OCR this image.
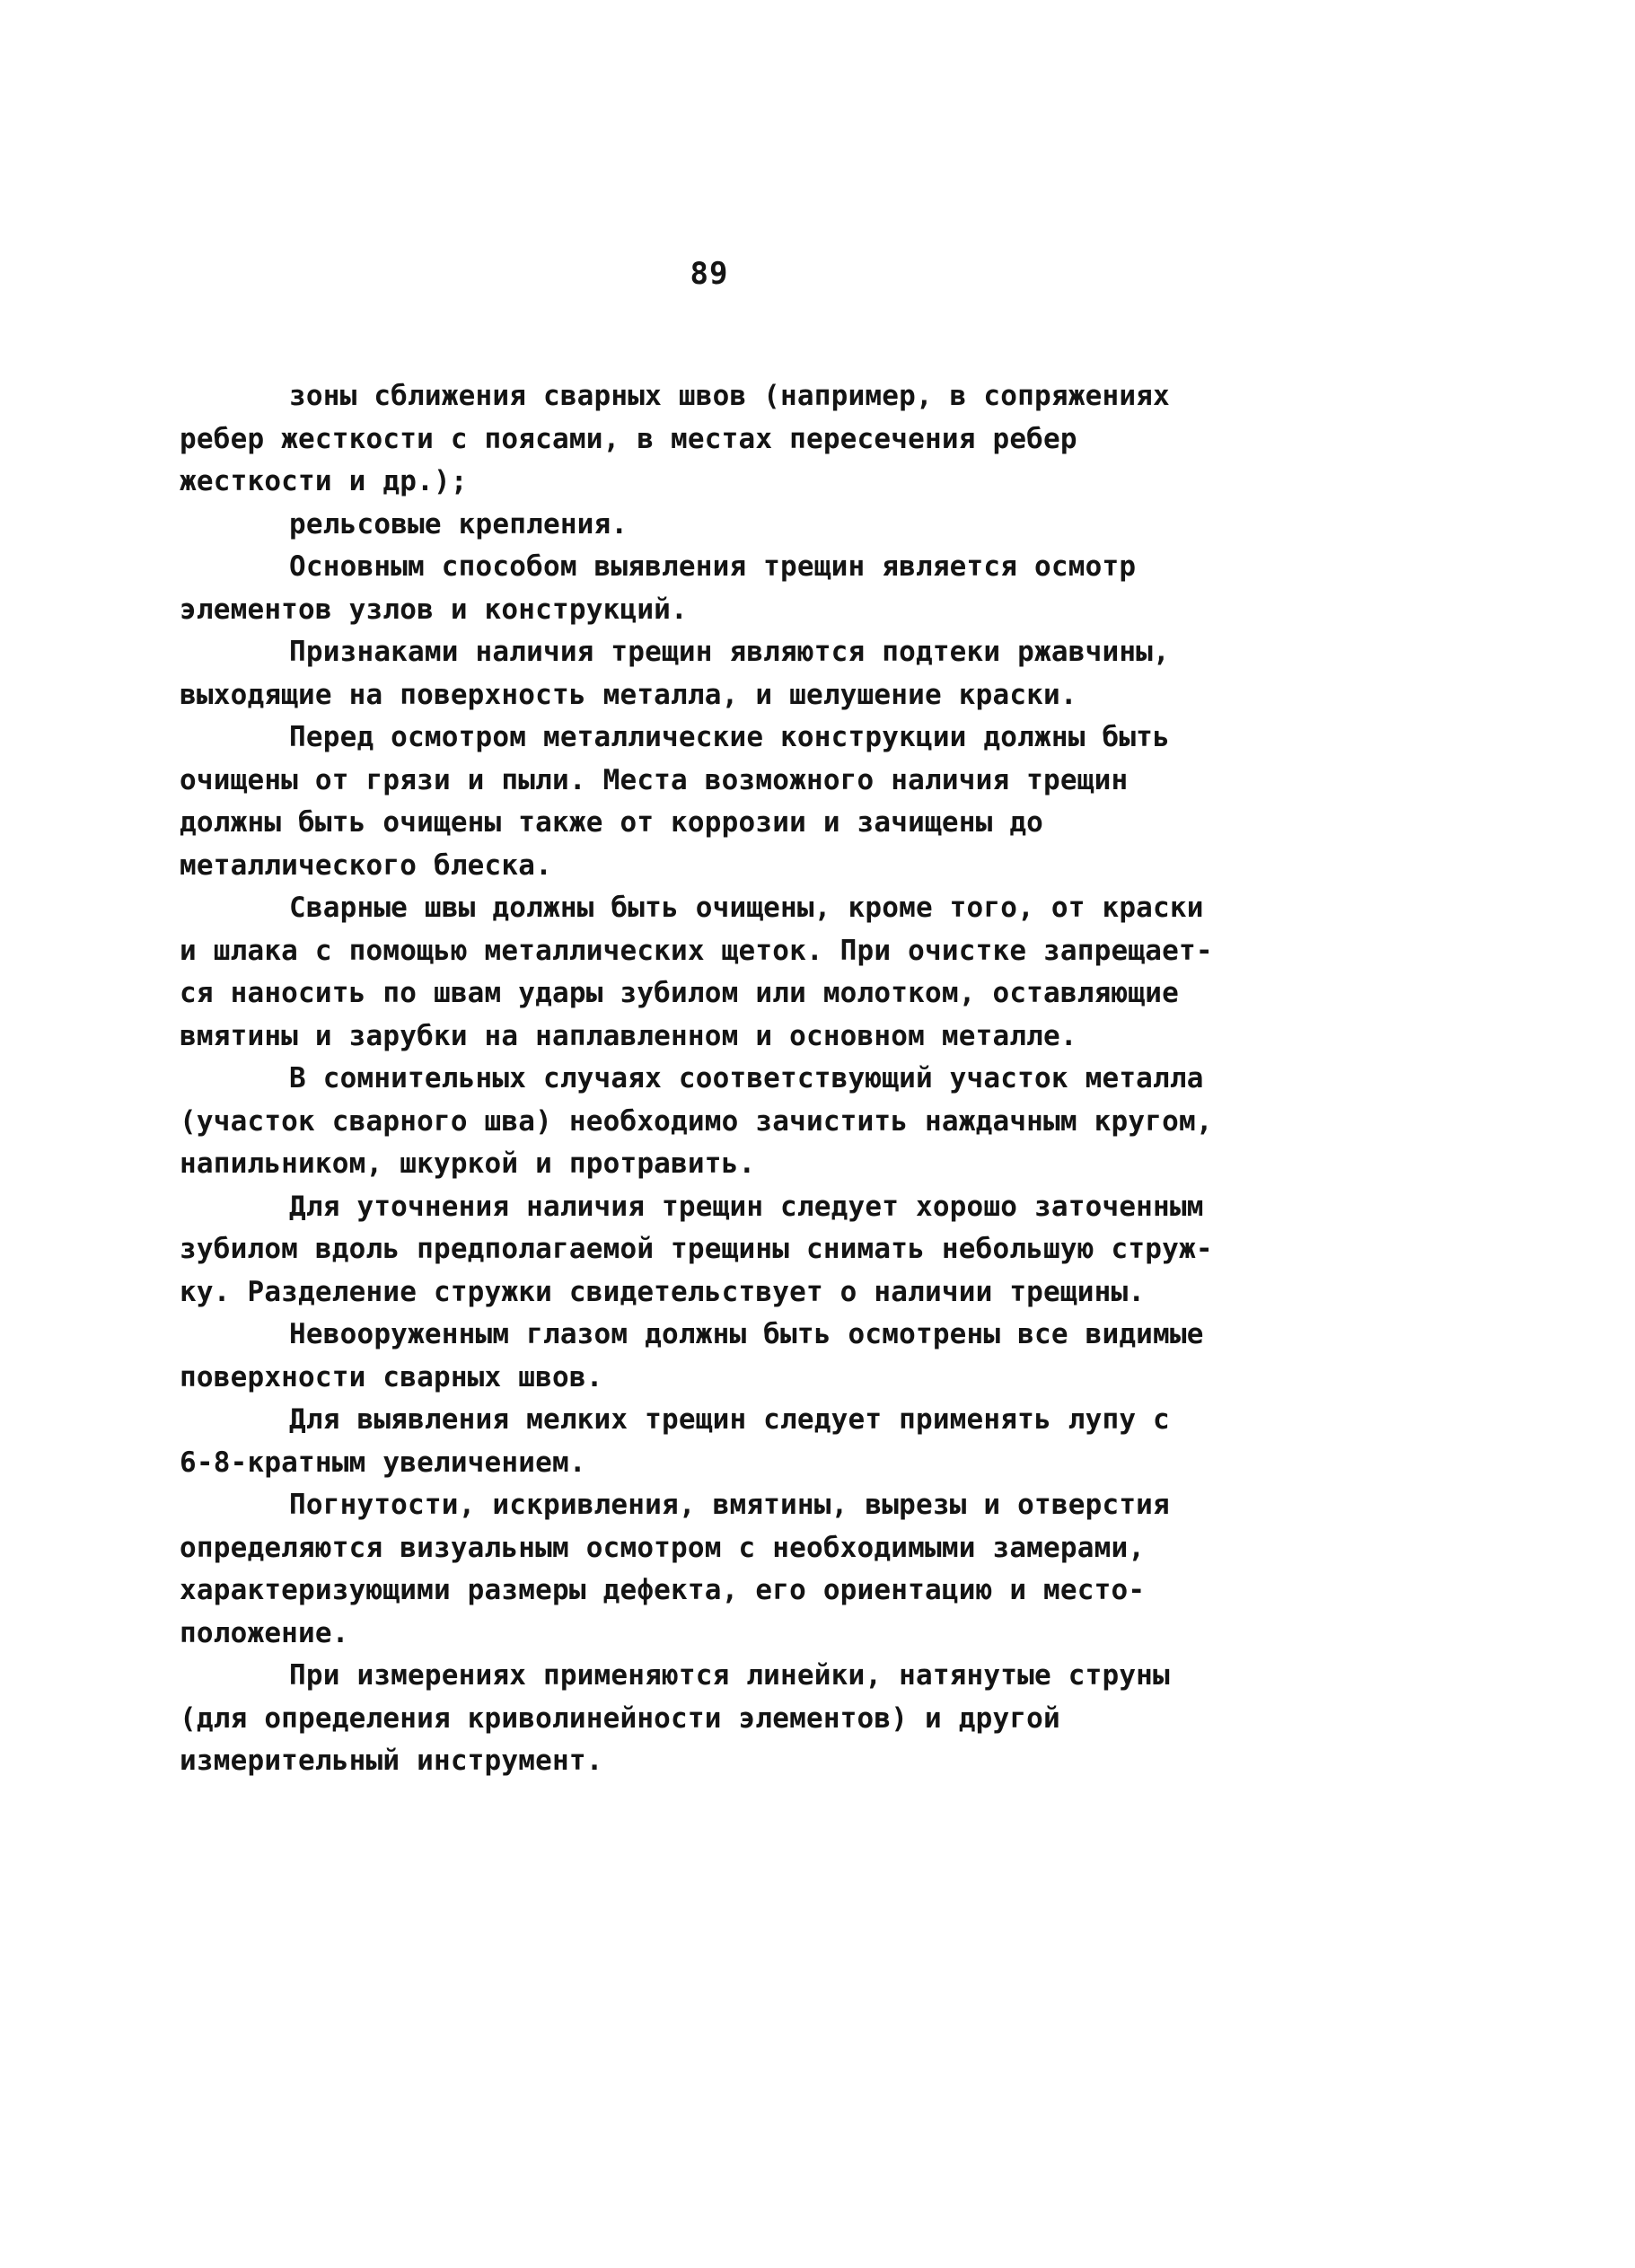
89
зоны сближения сварных швов (например, в сопряжениях
ребер жесткости с поясами, в местах пересечения ребер
жесткости и др.);
рельсовые крепления.
Основным способом выявления трещин является осмотр
элементов узлов и конструкций.
Признаками наличия трещин являются подтеки ржавчины,
выходящие на поверхность металла, и шелушение краски.
Перед осмотром металлические конструкции должны быть
очищены от грязи и пыли. Места возможного наличия трещин
должны быть очищены также от коррозии и зачищены до
металлического блеска.
Сварные швы должны быть очищены, кроме того, от краски
и шлака с помощью металлических щеток. При очистке запрещает-
ся наносить по швам удары зубилом или молотком, оставляющие
вмятины и зарубки на наплавленном и основном металле.
В сомнительных случаях соответствующий участок металла
(участок сварного шва) необходимо зачистить наждачным кругом,
напильником, шкуркой и протравить.
Для уточнения наличия трещин следует хорошо заточенным
зубилом вдоль предполагаемой трещины снимать небольшую струж-
ку. Разделение стружки свидетельствует о наличии трещины.
Невооруженным глазом должны быть осмотрены все видимые
поверхности сварных швов.
Для выявления мелких трещин следует применять лупу с
6-8-кратным увеличением.
Погнутости, искривления, вмятины, вырезы и отверстия
определяются визуальным осмотром с необходимыми замерами,
характеризующими размеры дефекта, его ориентацию и место-
положение.
При измерениях применяются линейки, натянутые струны
(для определения криволинейности элементов) и другой
измерительный инструмент.
